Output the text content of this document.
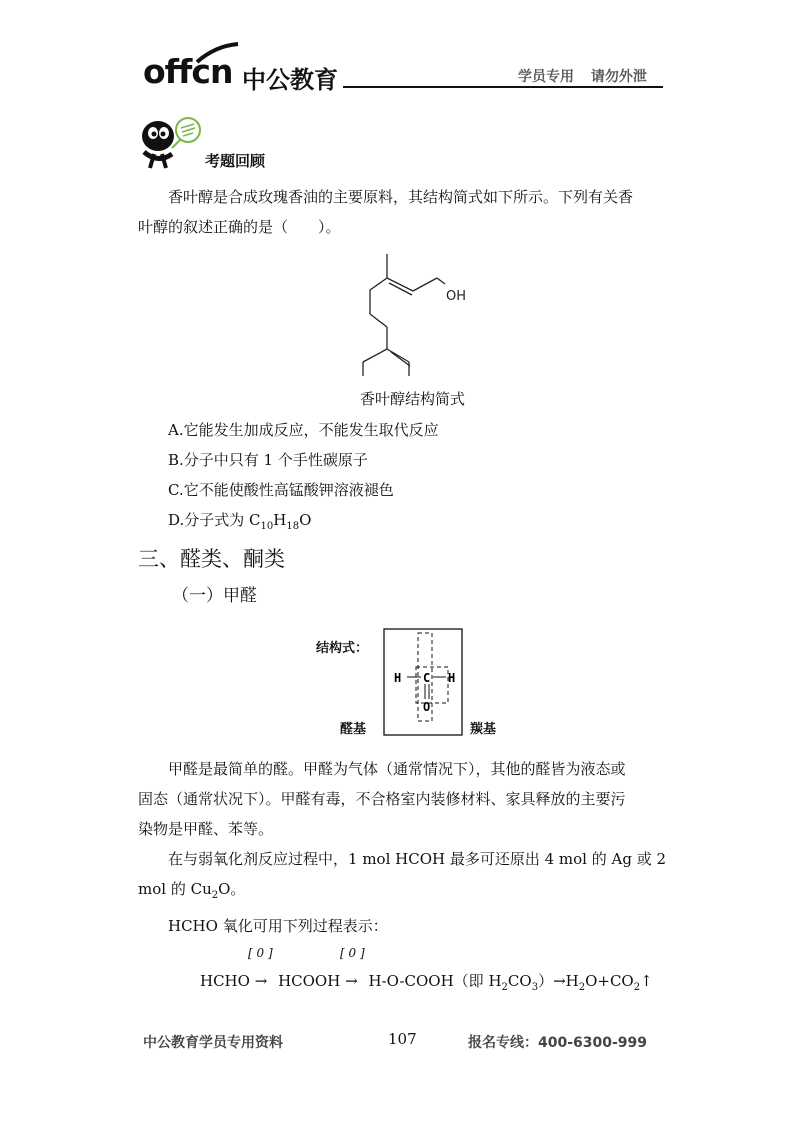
offcn 中公教育	学员专用 请勿外泄
考题回顾
香叶醇是合成玫瑰香油的主要原料，其结构简式如下所示。下列有关香
叶醇的叙述正确的是（　　）。
OH
香叶醇结构简式
A.它能发生加成反应，不能发生取代反应
B.分子中只有 1 个手性碳原子
C.它不能使酸性高锰酸钾溶液褪色
D.分子式为 $C_{10}H_{18}O$
三、醛类、酮类
（一）甲醛
结构式：
醛基	羰基
H C H
O
甲醛是最简单的醛。甲醛为气体（通常情况下），其他的醛皆为液态或
固态（通常状况下）。甲醛有毒，不合格室内装修材料、家具释放的主要污
染物是甲醛、苯等。
在与弱氧化剂反应过程中，1 mol HCOH 最多可还原出 4 mol 的 Ag 或 2
mol 的 $Cu_2O$。
HCHO 氧化可用下列过程表示：
[ 0 ]	[ 0 ]
HCHO → HCOOH → H-O-COOH（即 $H_2CO_3)\to H_2O+CO_2↑$
中公教育学员专用资料	107	报名专线：400-6300-999
